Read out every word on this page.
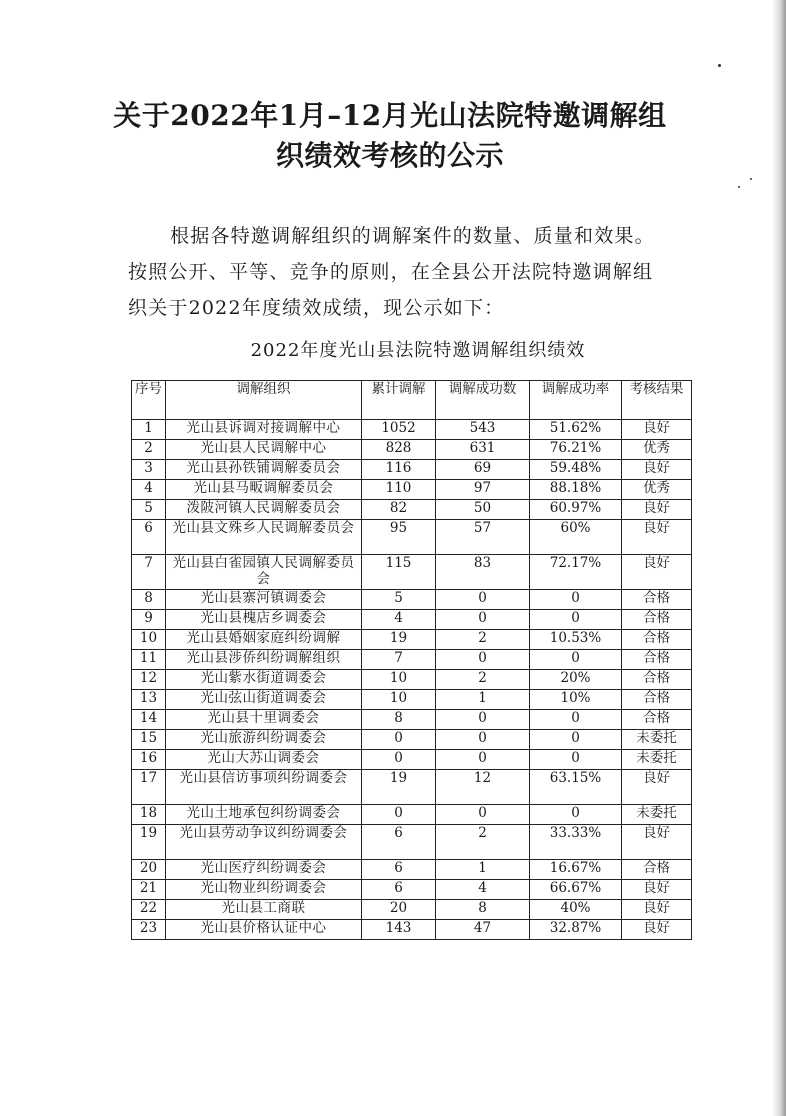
关于2022年1月–12月光山法院特邀调解组
织绩效考核的公示
根据各特邀调解组织的调解案件的数量、质量和效果。
按照公开、平等、竞争的原则，在全县公开法院特邀调解组
织关于2022年度绩效成绩，现公示如下：
2022年度光山县法院特邀调解组织绩效
序号	调解组织	累计调解	调解成功数	调解成功率	考核结果
1	光山县诉调对接调解中心	1052	543	51.62%	良好
2	光山县人民调解中心	828	631	76.21%	优秀
3	光山县孙铁铺调解委员会	116	69	59.48%	良好
4	光山县马畈调解委员会	110	97	88.18%	优秀
5	泼陂河镇人民调解委员会	82	50	60.97%	良好
6	光山县文殊乡人民调解委员会	95	57	60%	良好
7	光山县白雀园镇人民调解委员会	115	83	72.17%	良好
8	光山县寨河镇调委会	5	0	0	合格
9	光山县槐店乡调委会	4	0	0	合格
10	光山县婚姻家庭纠纷调解	19	2	10.53%	合格
11	光山县涉侨纠纷调解组织	7	0	0	合格
12	光山紫水街道调委会	10	2	20%	合格
13	光山弦山街道调委会	10	1	10%	合格
14	光山县十里调委会	8	0	0	合格
15	光山旅游纠纷调委会	0	0	0	未委托
16	光山大苏山调委会	0	0	0	未委托
17	光山县信访事项纠纷调委会	19	12	63.15%	良好
18	光山土地承包纠纷调委会	0	0	0	未委托
19	光山县劳动争议纠纷调委会	6	2	33.33%	良好
20	光山医疗纠纷调委会	6	1	16.67%	合格
21	光山物业纠纷调委会	6	4	66.67%	良好
22	光山县工商联	20	8	40%	良好
23	光山县价格认证中心	143	47	32.87%	良好
